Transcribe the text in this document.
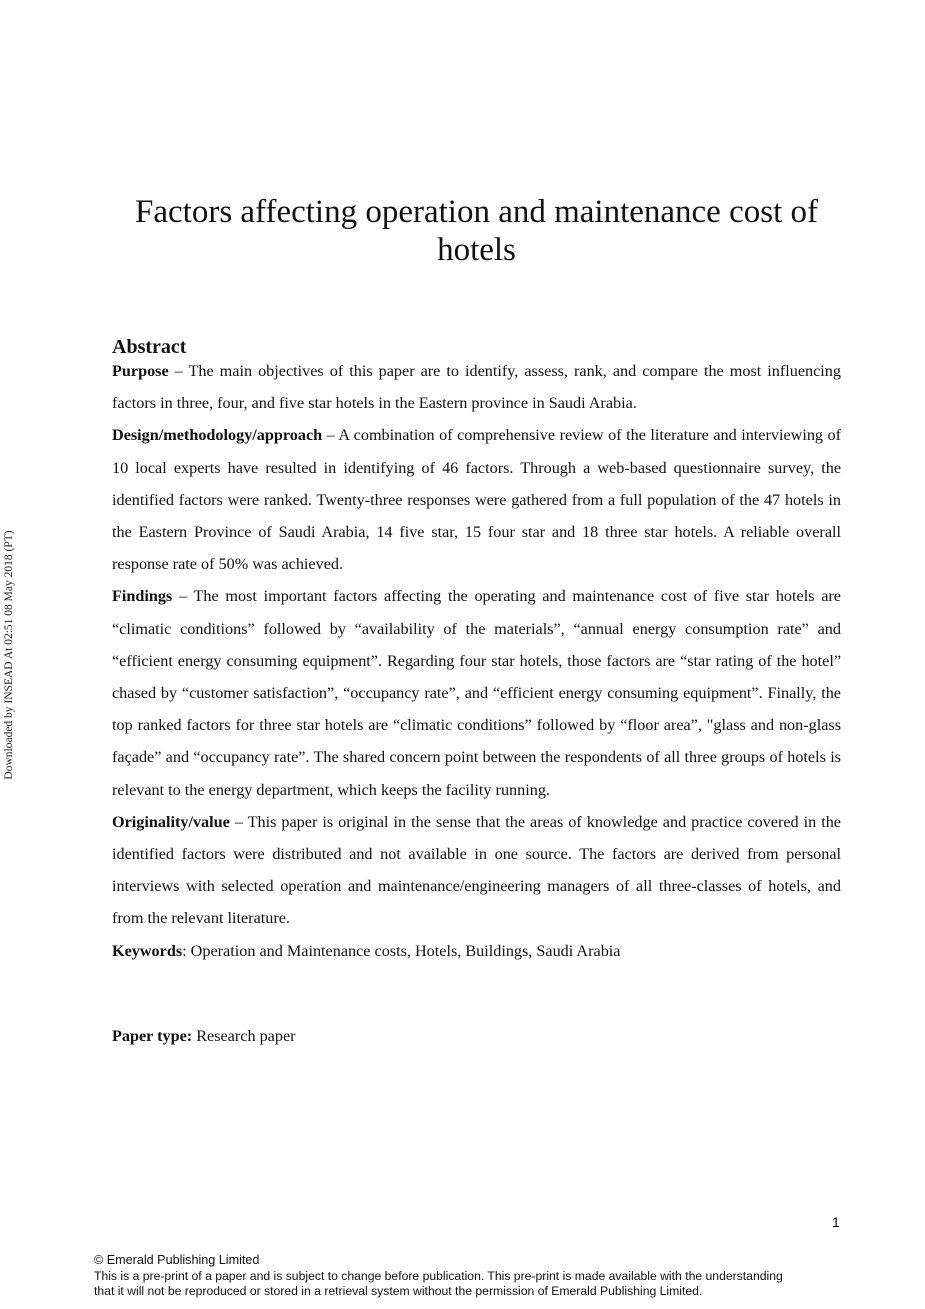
Downloaded by INSEAD At 02:51 08 May 2018 (PT)
Factors affecting operation and maintenance cost of hotels
Abstract

Purpose – The main objectives of this paper are to identify, assess, rank, and compare the most influencing factors in three, four, and five star hotels in the Eastern province in Saudi Arabia.

Design/methodology/approach – A combination of comprehensive review of the literature and interviewing of 10 local experts have resulted in identifying of 46 factors. Through a web-based questionnaire survey, the identified factors were ranked. Twenty-three responses were gathered from a full population of the 47 hotels in the Eastern Province of Saudi Arabia, 14 five star, 15 four star and 18 three star hotels. A reliable overall response rate of 50% was achieved.

Findings – The most important factors affecting the operating and maintenance cost of five star hotels are “climatic conditions” followed by “availability of the materials”, “annual energy consumption rate” and “efficient energy consuming equipment”. Regarding four star hotels, those factors are “star rating of the hotel” chased by “customer satisfaction”, “occupancy rate”, and “efficient energy consuming equipment”. Finally, the top ranked factors for three star hotels are “climatic conditions” followed by “floor area”, "glass and non-glass façade” and “occupancy rate”. The shared concern point between the respondents of all three groups of hotels is relevant to the energy department, which keeps the facility running.

Originality/value – This paper is original in the sense that the areas of knowledge and practice covered in the identified factors were distributed and not available in one source. The factors are derived from personal interviews with selected operation and maintenance/engineering managers of all three-classes of hotels, and from the relevant literature.

Keywords: Operation and Maintenance costs, Hotels, Buildings, Saudi Arabia

Paper type: Research paper

1
© Emerald Publishing Limited
This is a pre-print of a paper and is subject to change before publication. This pre-print is made available with the understanding
that it will not be reproduced or stored in a retrieval system without the permission of Emerald Publishing Limited.
